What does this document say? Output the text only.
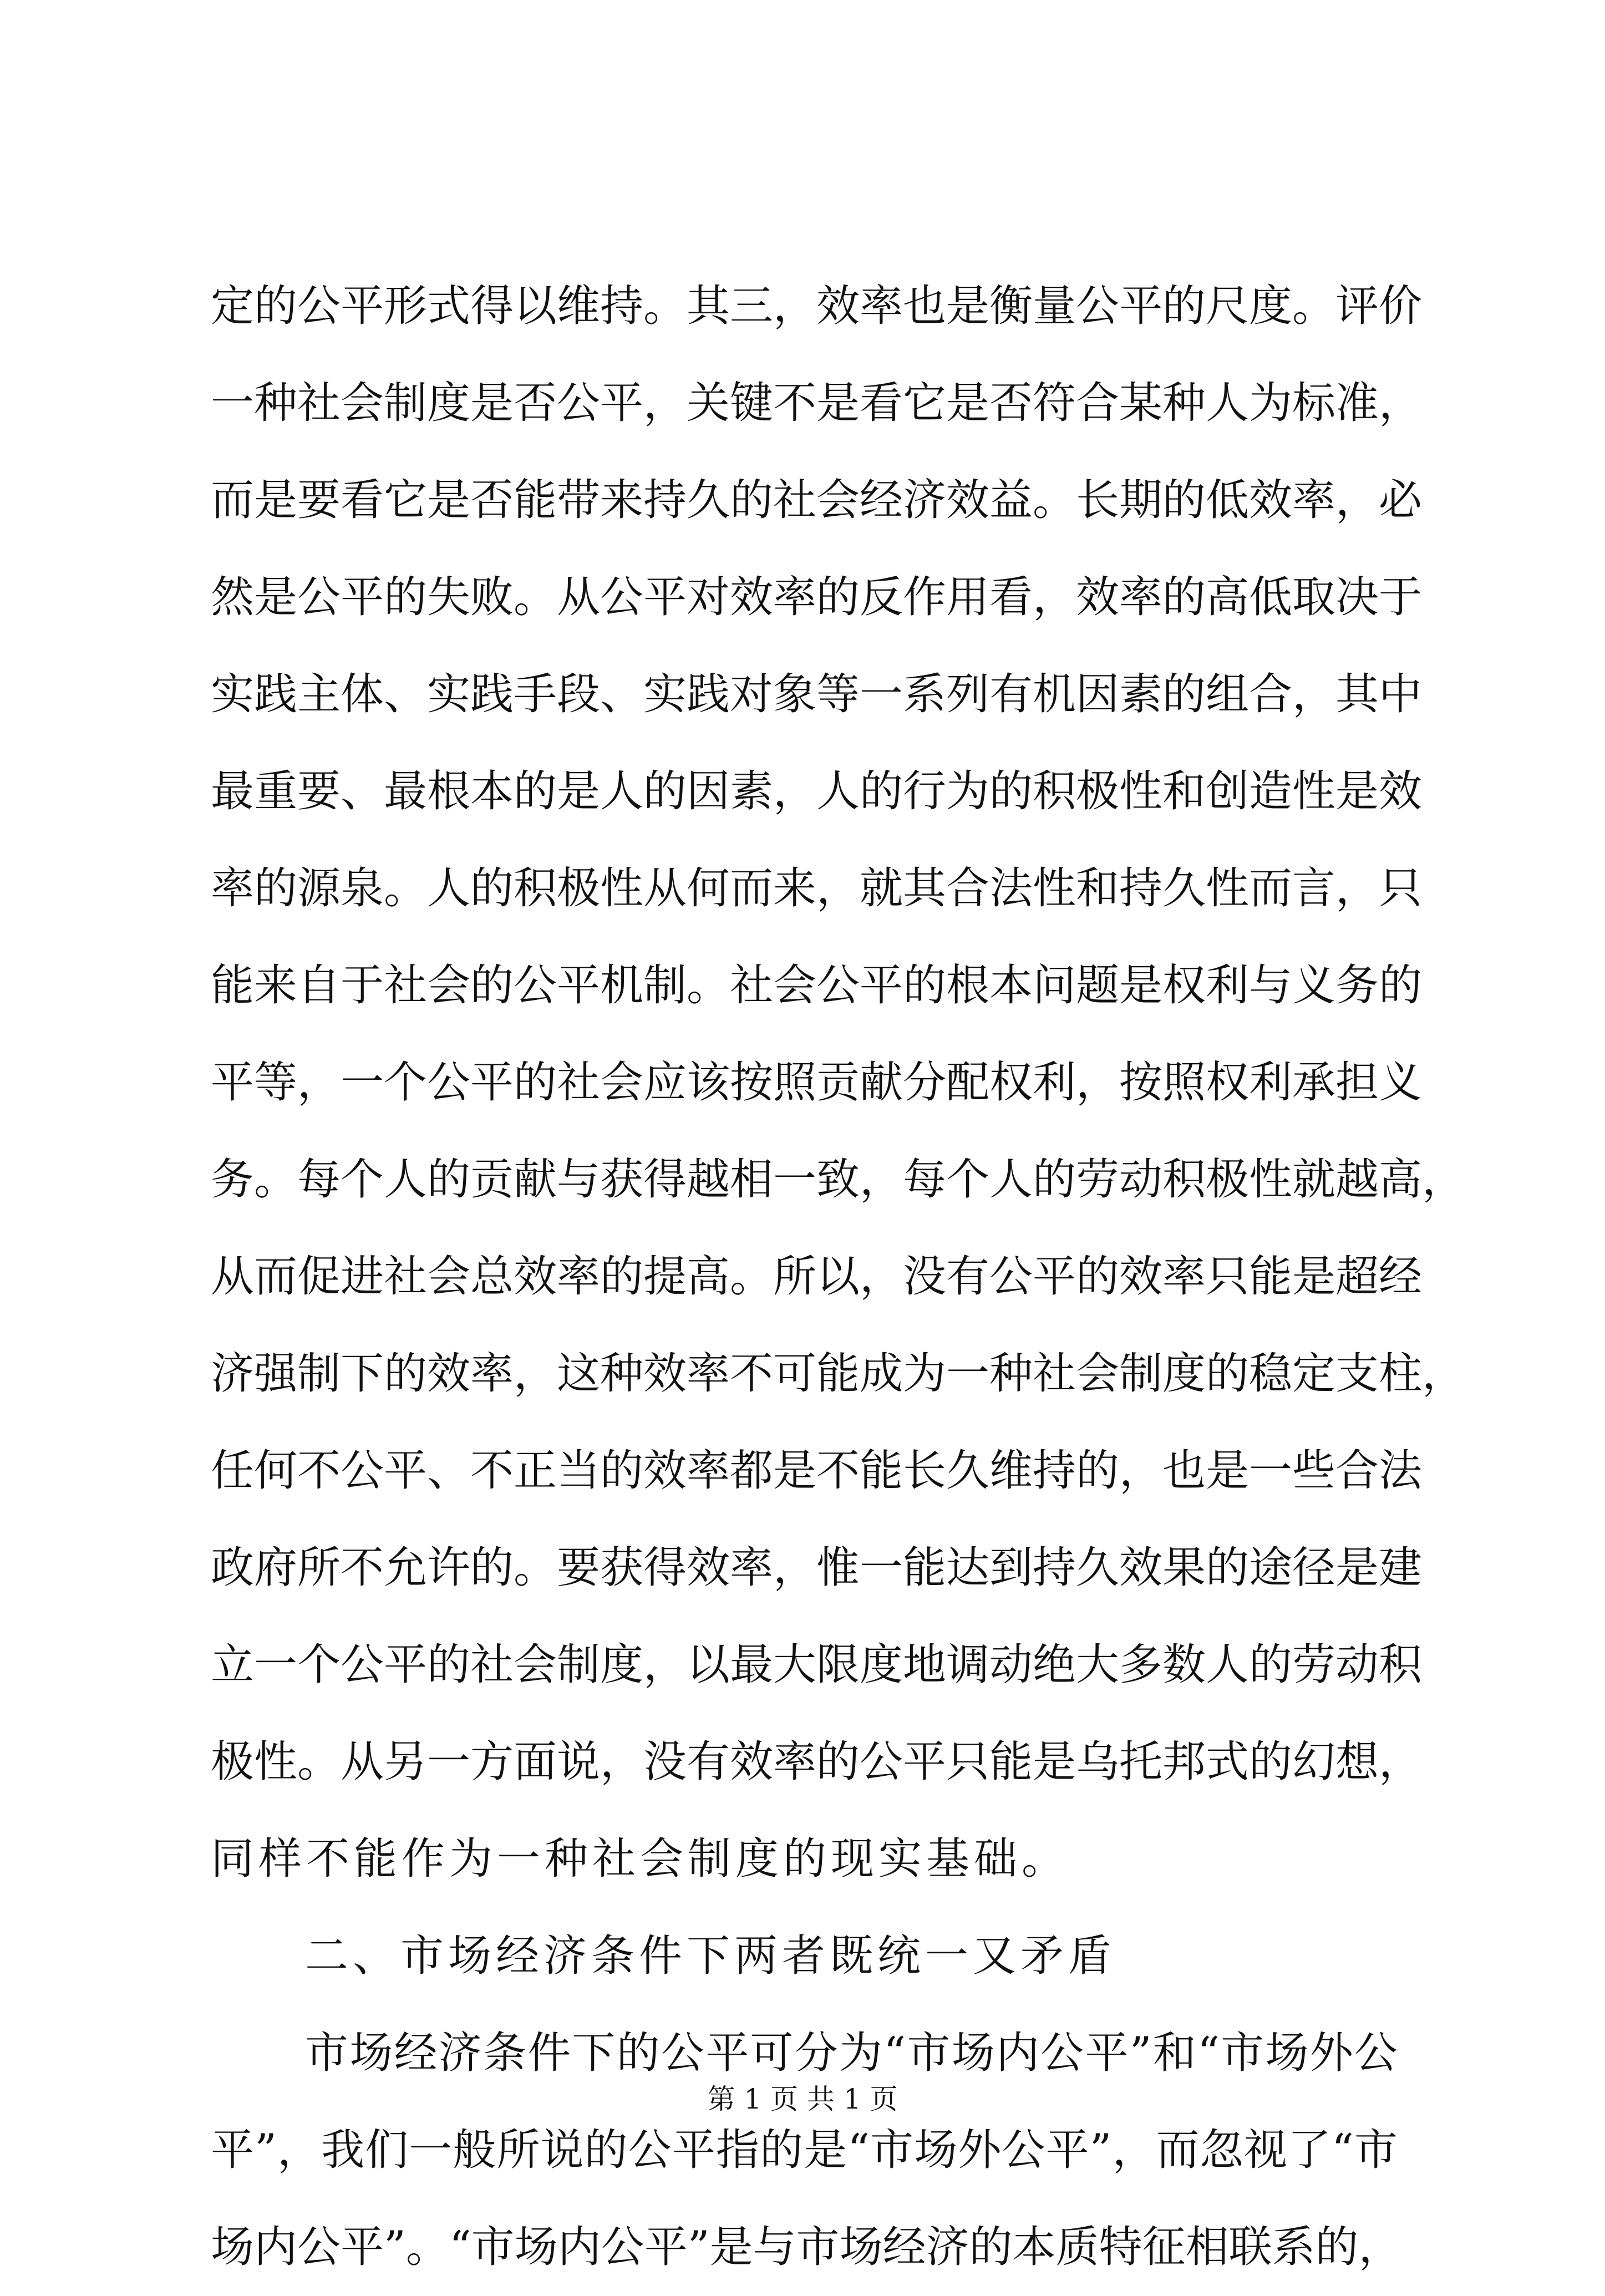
定的公平形式得以维持。其三，效率也是衡量公平的尺度。评价
一种社会制度是否公平，关键不是看它是否符合某种人为标准，
而是要看它是否能带来持久的社会经济效益。长期的低效率，必
然是公平的失败。从公平对效率的反作用看，效率的高低取决于
实践主体、实践手段、实践对象等一系列有机因素的组合，其中
最重要、最根本的是人的因素，人的行为的积极性和创造性是效
率的源泉。人的积极性从何而来，就其合法性和持久性而言，只
能来自于社会的公平机制。社会公平的根本问题是权利与义务的
平等，一个公平的社会应该按照贡献分配权利，按照权利承担义
务。每个人的贡献与获得越相一致，每个人的劳动积极性就越高，
从而促进社会总效率的提高。所以，没有公平的效率只能是超经
济强制下的效率，这种效率不可能成为一种社会制度的稳定支柱，
任何不公平、不正当的效率都是不能长久维持的，也是一些合法
政府所不允许的。要获得效率，惟一能达到持久效果的途径是建
立一个公平的社会制度，以最大限度地调动绝大多数人的劳动积
极性。从另一方面说，没有效率的公平只能是乌托邦式的幻想，
同样不能作为一种社会制度的现实基础。
二、市场经济条件下两者既统一又矛盾
市场经济条件下的公平可分为“市场内公平”和“市场外公
平”，我们一般所说的公平指的是“市场外公平”，而忽视了“市
场内公平”。“市场内公平”是与市场经济的本质特征相联系的，
第 1 页 共 1 页
